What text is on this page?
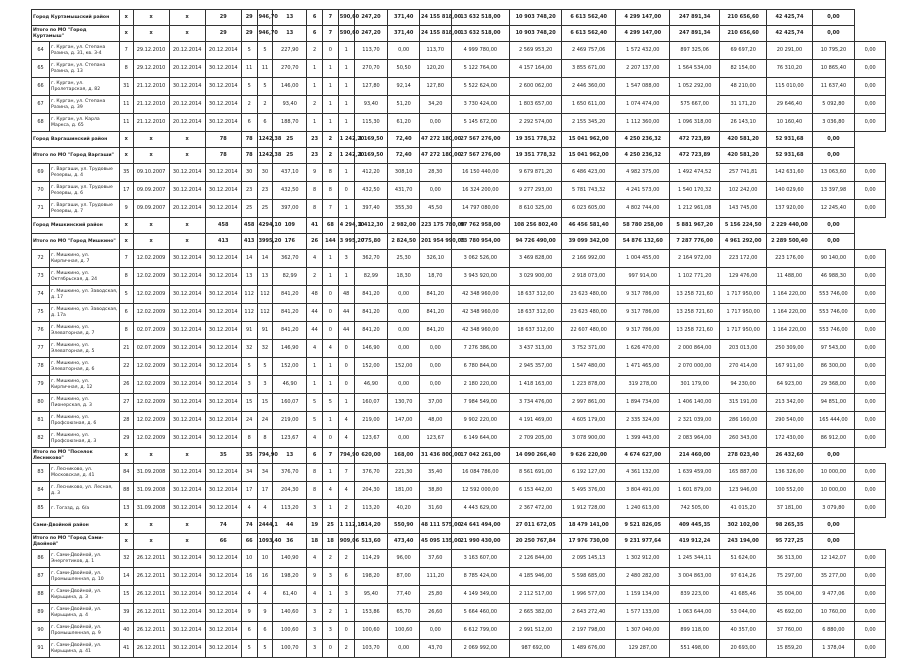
Город Куртамышский район		х	х	х	29	29	946,70	13	6	7	590,60	247,20	371,40	24 155 818,00	13 632 518,00	10 903 748,20	6 613 562,40	4 299 147,00	247 891,34	210 656,60	42 425,74	0,00	
Итого по МО "Город Куртамыш"		х	х	х	29	29	946,70	13	6	7	590,60	247,20	371,40	24 155 818,00	13 632 518,00	10 903 748,20	6 613 562,40	4 299 147,00	247 891,34	210 656,60	42 425,74	0,00	
64	г. Курган, ул. Степана Разина, д. 31, кв. 3-4	7	29.12.2010	20.12.2014	20.12.2014	5	5	227,90	2	0	1	113,70	0,00	113,70	4 999 780,00	2 569 953,20	2 469 757,06	1 572 432,00	897 325,06	69 697,20	20 291,00	10 795,20	0,00
65	г. Курган, ул. Степана Разина, д. 13	8	29.12.2010	20.12.2014	30.12.2014	11	11	270,70	1	1	1	270,70	50,50	120,20	5 122 764,00	4 157 164,00	3 855 671,00	2 207 137,00	1 564 534,00	82 154,00	76 310,20	10 865,40	0,00
66	г. Курган, ул. Пролетарская, д. 82	31	21.12.2010	30.12.2014	30.12.2014	5	5	146,00	1	1	1	127,80	92,14	127,80	5 522 624,00	2 600 062,00	2 446 360,00	1 547 088,00	1 052 292,00	48 210,00	115 010,00	11 637,40	0,00
67	г. Курган, ул. Степана Разина, д. 39	11	21.12.2010	20.12.2014	30.12.2014	2	2	93,40	2	1	1	93,40	51,20	34,20	3 730 424,00	1 803 657,00	1 650 611,00	1 074 474,00	575 667,00	31 171,20	29 646,40	5 092,80	0,00
68	г. Курган, ул. Карла Маркса, д. 65	11	21.12.2010	20.12.2014	30.12.2014	6	6	188,70	1	1	1	115,30	61,20	0,00	5 145 672,00	2 292 574,00	2 155 345,20	1 112 360,00	1 096 318,00	26 143,10	10 160,40	3 036,80	0,00
Город Варгашинский район		х	х	х	78	78	1242,38	25	23	2	1 242,20	1 169,50	72,40	47 272 180,00	27 567 276,00	19 351 778,32	15 041 962,00	4 250 236,32	472 723,89	420 581,20	52 931,68	0,00	
Итого по МО "Город Варгаши"		х	х	х	78	78	1242,38	25	23	2	1 242,20	1 169,50	72,40	47 272 180,00	27 567 276,00	19 351 778,32	15 041 962,00	4 250 236,32	472 723,89	420 581,20	52 931,68	0,00	
69	г. Варгаши, ул. Трудовые Резервы, д. 4	35	09.10.2007	30.12.2014	30.12.2014	30	30	437,10	9	8	1	412,20	308,10	28,30	16 150 440,00	9 679 871,20	6 486 423,00	4 982 375,00	1 492 474,52	257 741,81	142 631,60	13 063,60	0,00
70	г. Варгаши, ул. Трудовые Резервы, д. 6	17	09.09.2007	30.12.2014	30.12.2014	23	23	432,50	8	8	0	432,50	431,70	0,00	16 324 200,00	9 277 293,00	5 781 743,32	4 241 573,00	1 540 170,32	102 242,00	140 029,60	13 397,98	0,00
71	г. Варгаши, ул. Трудовые Резервы, д. 7	9	09.09.2007	20.12.2014	30.12.2014	25	25	397,00	8	7	1	397,40	355,30	45,50	14 797 080,00	8 610 325,00	6 023 605,00	4 802 744,00	1 212 961,08	143 745,00	137 920,00	12 245,40	0,00
Город Мишкинский район		х	х	х	458	458	4294,10	109	41	68	4 294,10	1 412,30	2 982,00	223 175 780,00	97 762 958,00	108 256 802,40	46 456 581,40	58 780 258,00	5 881 967,20	5 156 224,50	2 229 440,00	0,00	
Итого по МО "Город Мишкино"		х	х	х	413	413	3995,20	176	26	144	3 995,20	775,80	2 824,50	201 954 990,00	73 780 954,00	94 726 490,00	39 099 342,00	54 876 132,60	7 287 776,00	4 961 292,00	2 289 500,40	0,00	
72	г. Мишкино, ул. Кирпичная, д. 7	7	12.02.2009	30.12.2014	30.12.2014	14	14	362,70	4	1	3	362,70	25,30	326,10	3 062 526,00	3 469 828,00	2 166 992,00	1 004 455,00	2 164 972,00	223 172,00	223 176,00	90 140,00	0,00
73	г. Мишкино, ул. Октябрьская, д. 24	8	12.02.2009	30.12.2014	30.12.2014	13	13	82,99	2	1	1	82,99	18,30	18,70	3 943 920,00	3 029 900,00	2 918 073,00	997 914,00	1 102 771,20	129 476,00	11 488,00	46 988,30	0,00
74	г. Мишкино, ул. Заводская, д. 17	5	12.02.2009	30.12.2014	30.12.2014	112	112	841,20	48	0	48	841,20	0,00	841,20	42 348 960,00	18 637 312,00	23 623 480,00	9 317 786,00	13 258 721,60	1 717 950,00	1 164 220,00	553 746,00	0,00
75	г. Мишкино, ул. Заводская, д. 17а	6	12.02.2009	30.12.2014	30.12.2014	112	112	841,20	44	0	44	841,20	0,00	841,20	42 348 960,00	18 637 312,00	23 623 480,00	9 317 786,00	13 258 721,60	1 717 950,00	1 164 220,00	553 746,00	0,00
76	г. Мишкино, ул. Элеваторная, д. 7	8	02.07.2009	30.12.2014	30.12.2014	91	91	841,20	44	0	44	841,20	0,00	841,20	42 348 960,00	18 637 312,00	22 607 480,00	9 317 786,00	13 258 721,60	1 717 950,00	1 164 220,00	553 746,00	0,00
77	г. Мишкино, ул. Элеваторная, д. 5	21	02.07.2009	30.12.2014	30.12.2014	32	32	146,90	4	4	0	146,90	0,00	0,00	7 276 386,00	3 437 313,00	3 752 371,00	1 626 470,00	2 000 864,00	203 013,00	250 309,00	97 543,00	0,00
78	г. Мишкино, ул. Элеваторная, д. 6	22	12.02.2009	30.12.2014	30.12.2014	5	5	152,00	1	1	0	152,00	152,00	0,00	6 780 844,00	2 945 357,00	1 547 480,00	1 471 465,00	2 070 000,00	270 414,00	167 911,00	86 300,00	0,00
79	г. Мишкино, ул. Кирпичная, д. 12	26	12.02.2009	30.12.2014	30.12.2014	3	3	46,90	1	1	0	46,90	0,00	0,00	2 180 220,00	1 418 163,00	1 223 878,00	319 278,00	301 179,00	94 230,00	64 923,00	29 368,00	0,00
80	г. Мишкино, ул. Пионерская, д. 3	27	12.02.2009	30.12.2014	30.12.2014	15	15	160,07	5	5	1	160,07	130,70	37,00	7 984 549,00	3 734 476,00	2 997 861,00	1 894 734,00	1 406 140,00	315 191,00	213 342,00	94 851,00	0,00
81	г. Мишкино, ул. Профсоюзная, д. 6	28	12.02.2009	30.12.2014	30.12.2014	24	24	219,00	5	1	4	219,00	147,00	48,00	9 902 220,00	4 191 469,00	4 605 179,00	2 335 324,00	2 321 039,00	286 160,00	290 540,00	165 444,00	0,00
82	г. Мишкино, ул. Профсоюзная, д. 3	29	12.02.2009	30.12.2014	30.12.2014	8	8	123,67	4	0	4	123,67	0,00	123,67	6 149 644,00	2 709 205,00	3 078 900,00	1 399 443,00	2 083 964,00	260 343,00	172 430,00	86 912,00	0,00
Итого по МО "Поселок Лесниково"		х	х	х	35	35	794,90	13	6	7	794,90	620,00	168,00	31 436 800,00	17 042 261,00	14 090 266,40	9 626 220,00	4 674 627,00	214 460,00	278 023,40	26 432,60	0,00	
83	г. Лесниково, ул. Московская, д. 41	84	31.09.2008	30.12.2014	30.12.2014	34	34	376,70	8	1	7	376,70	221,30	35,40	16 084 786,00	8 561 691,00	6 192 127,00	4 361 132,00	1 639 459,00	165 887,00	136 326,00	10 000,00	0,00
84	г. Лесниково, ул. Лесная, д. 3	88	31.09.2008	30.12.2014	30.12.2014	17	17	204,30	8	4	4	204,30	181,00	38,80	12 592 000,00	6 153 442,00	5 495 376,00	3 804 491,00	1 601 879,00	123 946,00	100 552,00	10 000,00	0,00
85	г. Тогазд, д. 6/а	13	31.09.2008	30.12.2014	30.12.2014	4	4	113,20	3	1	2	113,20	40,20	31,60	4 443 629,00	2 367 472,00	1 912 728,00	1 240 613,00	742 505,00	41 015,20	37 181,00	3 079,80	0,00
Сами-Двойной район		х	х	х	74	74	2444,1	44	19	25	1 112,10	514,20	550,90	48 111 575,00	24 641 494,00	27 011 672,05	18 479 141,00	9 521 826,05	409 445,35	302 102,00	98 265,35	0,00	
Итого по МО "Город Сами-Двойной"		х	х	х	66	66	1093,40	36	18	18	909,06	513,60	473,40	45 095 135,00	21 990 430,00	20 250 767,84	17 976 730,00	9 231 977,64	419 912,24	243 194,00	95 727,25	0,00	
86	г. Сами-Двойной, ул. Энергетиков, д. 1	32	26.12.2011	30.12.2014	30.12.2014	10	10	140,90	4	2	2	114,29	96,00	37,60	3 163 607,00	2 126 844,00	2 095 145,13	1 302 912,00	1 245 344,11	51 624,00	36 313,00	12 142,07	0,00
87	г. Сами-Двойной, ул. Промышленная, д. 10	14	26.12.2011	30.12.2014	30.12.2014	16	16	198,20	9	3	6	198,20	87,00	111,20	8 785 424,00	4 185 946,00	5 598 685,00	2 480 282,00	3 004 863,00	97 614,26	75 297,00	35 277,00	0,00
88	г. Сами-Двойной, ул. Кирьщина, д. 3	15	26.12.2011	30.12.2014	30.12.2014	4	4	61,40	4	1	3	95,40	77,40	25,80	4 149 349,00	2 112 517,00	1 996 577,00	1 159 134,00	839 223,00	41 685,46	35 004,00	9 477,06	0,00
89	г. Сами-Двойной, ул. Кирьщина, д. 4	39	26.12.2011	30.12.2014	30.12.2014	9	9	140,60	3	2	1	153,86	65,70	26,60	5 664 460,00	2 665 382,00	2 643 272,40	1 577 133,00	1 063 644,00	53 044,00	45 692,00	10 760,00	0,00
90	г. Сами-Двойной, ул. Промышленная, д. 9	40	26.12.2011	30.12.2014	30.12.2014	6	6	100,60	3	3	0	100,60	100,60	0,00	6 612 799,00	2 991 512,00	2 197 798,00	1 307 040,00	899 118,00	40 357,00	37 760,00	6 880,00	0,00
91	г. Сами-Двойной, ул. Кирьщина, д. 41	41	26.12.2011	30.12.2014	30.12.2014	5	5	100,70	3	0	2	103,70	0,00	43,70	2 069 992,00	987 692,00	1 489 676,00	129 287,00	551 498,00	20 693,00	15 859,20	1 378,04	0,00
